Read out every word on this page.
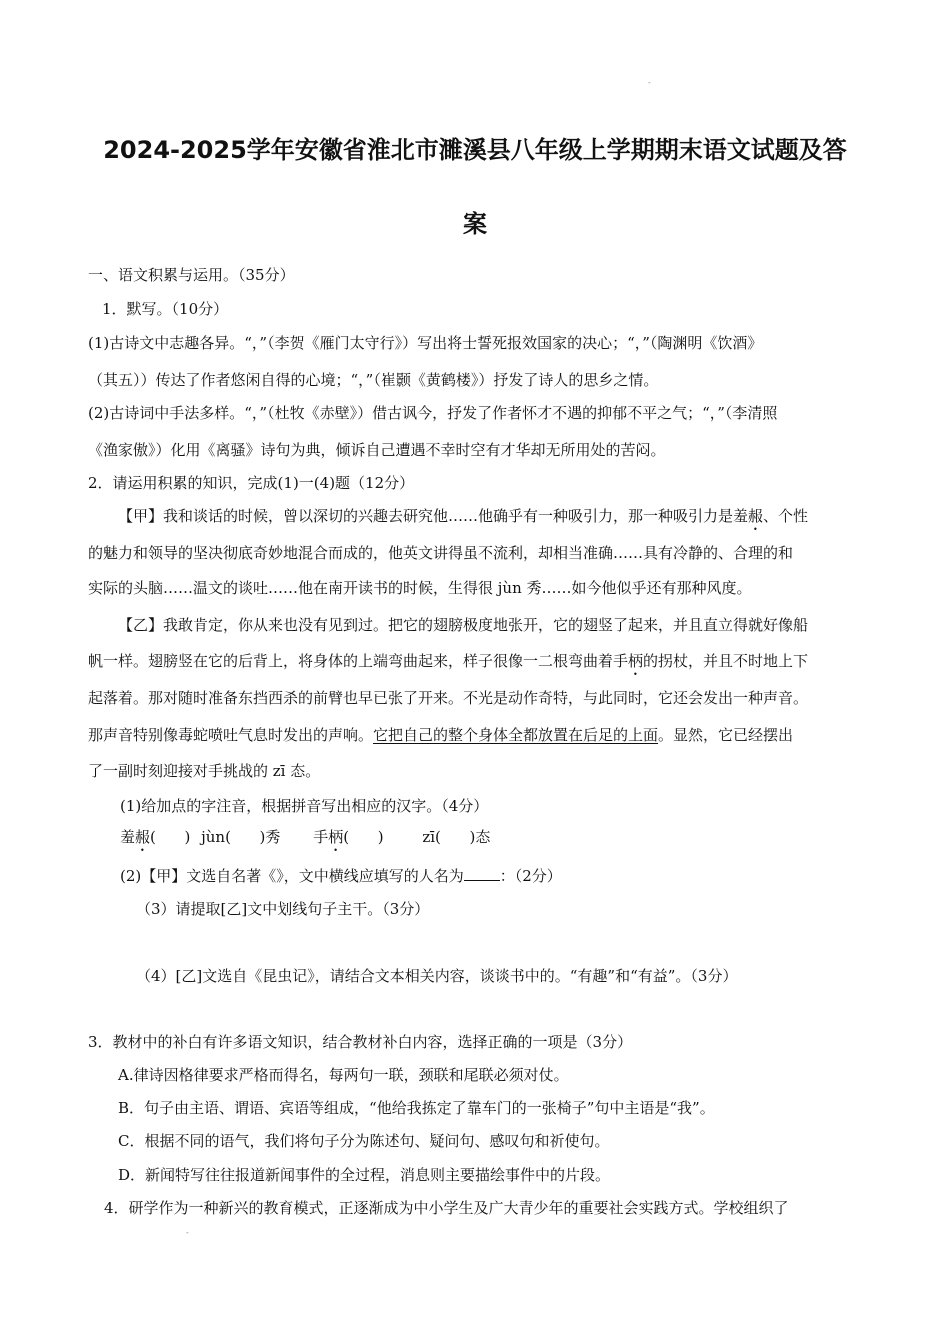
-
2024-2025学年安徽省淮北市濉溪县八年级上学期期末语文试题及答
案
一、语文积累与运用。（35分）
1．默写。（10分）
(1)古诗文中志趣各异。“，”（李贺《雁门太守行》）写出将士誓死报效国家的决心；“，”（陶渊明《饮酒》
（其五））传达了作者悠闲自得的心境；“，”（崔颢《黄鹤楼》）抒发了诗人的思乡之情。
(2)古诗词中手法多样。“，”（杜牧《赤壁》）借古讽今，抒发了作者怀才不遇的抑郁不平之气；“，”（李清照
《渔家傲》）化用《离骚》诗句为典，倾诉自己遭遇不幸时空有才华却无所用处的苦闷。
2．请运用积累的知识，完成(1)一(4)题（12分）
【甲】我和谈话的时候，曾以深切的兴趣去研究他……他确乎有一种吸引力，那一种吸引力是羞赧、个性
的魅力和领导的坚决彻底奇妙地混合而成的，他英文讲得虽不流利，却相当准确……具有冷静的、合理的和
实际的头脑……温文的谈吐……他在南开读书的时候，生得很 jùn 秀……如今他似乎还有那种风度。
【乙】我敢肯定，你从来也没有见到过。把它的翅膀极度地张开，它的翅竖了起来，并且直立得就好像船
帆一样。翅膀竖在它的后背上，将身体的上端弯曲起来，样子很像一二根弯曲着手柄的拐杖，并且不时地上下
起落着。那对随时准备东挡西杀的前臂也早已张了开来。不光是动作奇特，与此同时，它还会发出一种声音。
那声音特别像毒蛇喷吐气息时发出的声响。它把自己的整个身体全都放置在后足的上面。显然，它已经摆出
了一副时刻迎接对手挑战的 zī 态。
(1)给加点的字注音，根据拼音写出相应的汉字。（4分）
羞赧(      ) jùn(      )秀 手柄(      )	zī(      )态
(2)【甲】文选自名著《》，文中横线应填写的人名为 ：（2分）
（3）请提取[乙]文中划线句子主干。（3分）
（4）[乙]文选自《昆虫记》，请结合文本相关内容，谈谈书中的。“有趣”和“有益”。（3分）
3．教材中的补白有许多语文知识，结合教材补白内容，选择正确的一项是（3分）
A.律诗因格律要求严格而得名，每两句一联，颈联和尾联必须对仗。
B．句子由主语、谓语、宾语等组成，“他给我拣定了靠车门的一张椅子”句中主语是“我”。
C．根据不同的语气，我们将句子分为陈述句、疑问句、感叹句和祈使句。
D．新闻特写往往报道新闻事件的全过程，消息则主要描绘事件中的片段。
4．研学作为一种新兴的教育模式，正逐渐成为中小学生及广大青少年的重要社会实践方式。学校组织了
-
